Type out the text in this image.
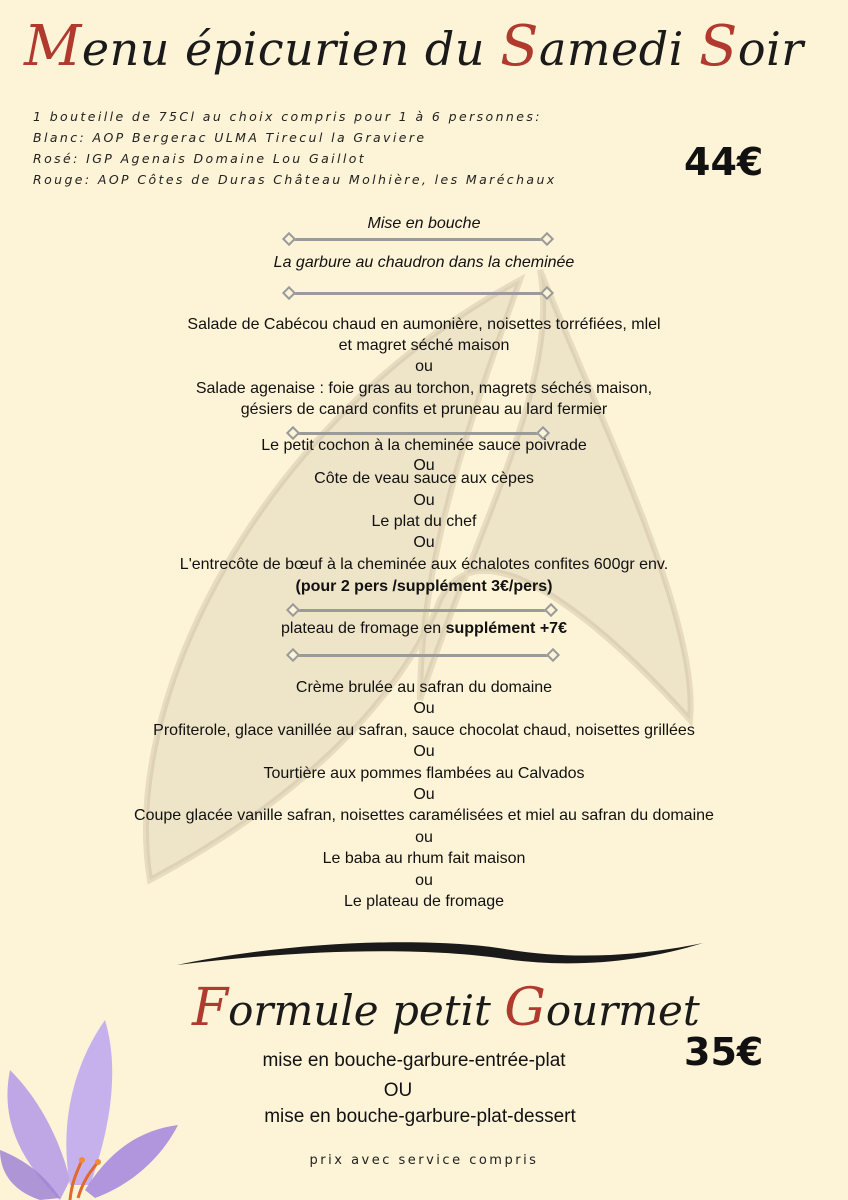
Menu épicurien du Samedi Soir
1 bouteille de 75Cl au choix compris pour 1 à 6 personnes:
Blanc: AOP Bergerac ULMA Tirecul la Graviere
Rosé: IGP Agenais Domaine Lou Gaillot
Rouge: AOP Côtes de Duras Château Molhière, les Maréchaux	44€
Mise en bouche
La garbure au chaudron dans la cheminée
Salade de Cabécou chaud en aumonière, noisettes torréfiées, mlel
et magret séché maison
ou
Salade agenaise : foie gras au torchon, magrets séchés maison,
gésiers de canard confits et pruneau au lard fermier
Le petit cochon à la cheminée sauce poivrade
Ou
Côte de veau sauce aux cèpes
Ou
Le plat du chef
Ou
L'entrecôte de bœuf à la cheminée aux échalotes confites 600gr env.
(pour 2 pers /supplément 3€/pers)
plateau de fromage en supplément +7€
Crème brulée au safran du domaine
Ou
Profiterole, glace vanillée au safran, sauce chocolat chaud, noisettes grillées
Ou
Tourtière aux pommes flambées au Calvados
Ou
Coupe glacée vanille safran, noisettes caramélisées et miel au safran du domaine
ou
Le baba au rhum fait maison
ou
Le plateau de fromage
Formule petit Gourmet
35€
mise en bouche-garbure-entrée-plat
OU
mise en bouche-garbure-plat-dessert
prix avec service compris
